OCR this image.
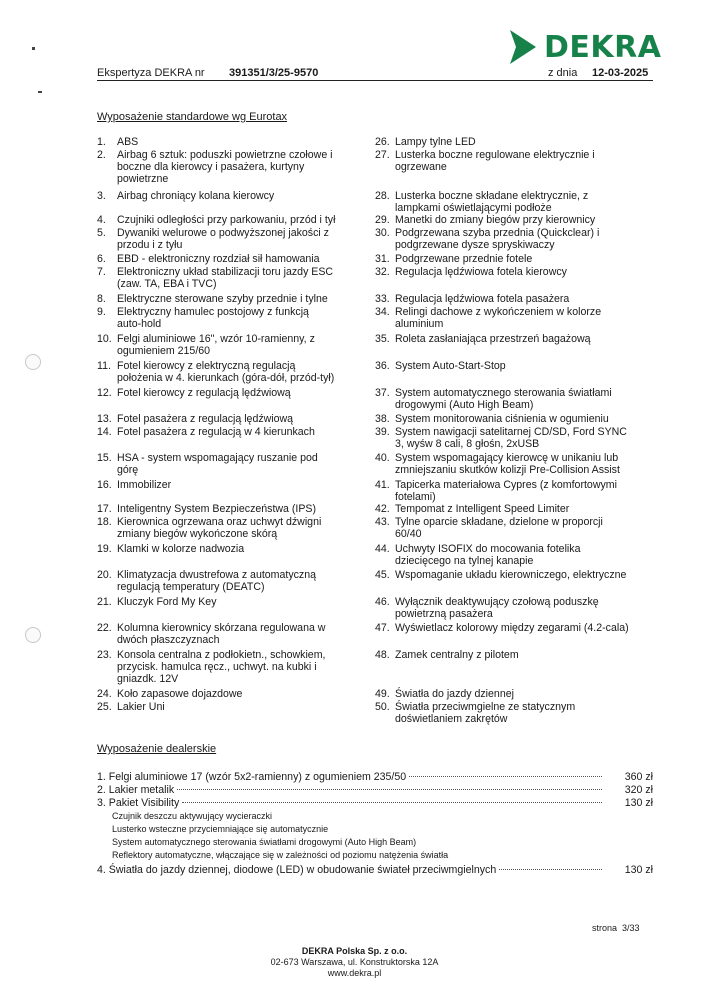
DEKRA
Ekspertyza DEKRA nr 391351/3/25-9570	z dnia 12-03-2025
Wyposażenie standardowe wg Eurotax
1.	ABS
2.	Airbag 6 sztuk: poduszki powietrzne czołowe i
boczne dla kierowcy i pasażera, kurtyny
powietrzne
3.	Airbag chroniący kolana kierowcy
4.	Czujniki odległości przy parkowaniu, przód i tył
5.	Dywaniki welurowe o podwyższonej jakości z
przodu i z tyłu
6.	EBD - elektroniczny rozdział sił hamowania
7.	Elektroniczny układ stabilizacji toru jazdy ESC
(zaw. TA, EBA i TVC)
8.	Elektryczne sterowane szyby przednie i tylne
9.	Elektryczny hamulec postojowy z funkcją
auto-hold
10. Felgi aluminiowe 16", wzór 10-ramienny, z
ogumieniem 215/60
11. Fotel kierowcy z elektryczną regulacją
położenia w 4. kierunkach (góra-dół, przód-tył)
12. Fotel kierowcy z regulacją lędźwiową
13. Fotel pasażera z regulacją lędźwiową
14. Fotel pasażera z regulacją w 4 kierunkach
15. HSA - system wspomagający ruszanie pod
górę
16. Immobilizer
17. Inteligentny System Bezpieczeństwa (IPS)
18. Kierownica ogrzewana oraz uchwyt dźwigni
zmiany biegów wykończone skórą
19. Klamki w kolorze nadwozia
20. Klimatyzacja dwustrefowa z automatyczną
regulacją temperatury (DEATC)
21. Kluczyk Ford My Key
22. Kolumna kierownicy skórzana regulowana w
dwóch płaszczyznach
23. Konsola centralna z podłokietn., schowkiem,
przycisk. hamulca ręcz., uchwyt. na kubki i
gniazdk. 12V
24. Koło zapasowe dojazdowe
25. Lakier Uni
26. Lampy tylne LED
27. Lusterka boczne regulowane elektrycznie i
ogrzewane
28. Lusterka boczne składane elektrycznie, z
lampkami oświetlającymi podłoże
29. Manetki do zmiany biegów przy kierownicy
30. Podgrzewana szyba przednia (Quickclear) i
podgrzewane dysze spryskiwaczy
31. Podgrzewane przednie fotele
32. Regulacja lędźwiowa fotela kierowcy
33. Regulacja lędźwiowa fotela pasażera
34. Relingi dachowe z wykończeniem w kolorze
aluminium
35. Roleta zasłaniająca przestrzeń bagażową
36. System Auto-Start-Stop
37. System automatycznego sterowania światłami
drogowymi (Auto High Beam)
38. System monitorowania ciśnienia w ogumieniu
39. System nawigacji satelitarnej CD/SD, Ford SYNC
3, wyśw 8 cali, 8 głośn, 2xUSB
40. System wspomagający kierowcę w unikaniu lub
zmniejszaniu skutków kolizji Pre-Collision Assist
41. Tapicerka materiałowa Cypres (z komfortowymi
fotelami)
42. Tempomat z Intelligent Speed Limiter
43. Tylne oparcie składane, dzielone w proporcji
60/40
44. Uchwyty ISOFIX do mocowania fotelika
dziecięcego na tylnej kanapie
45. Wspomaganie układu kierowniczego, elektryczne
46. Wyłącznik deaktywujący czołową poduszkę
powietrzną pasażera
47. Wyświetlacz kolorowy między zegarami (4.2-cala)
48. Zamek centralny z pilotem
49. Światła do jazdy dziennej
50. Światła przeciwmgielne ze statycznym
doświetlaniem zakrętów
Wyposażenie dealerskie
1. Felgi aluminiowe 17 (wzór 5x2-ramienny) z ogumieniem 235/50	360 zł
2. Lakier metalik	320 zł
3. Pakiet Visibility	130 zł
Czujnik deszczu aktywujący wycieraczki
Lusterko wsteczne przyciemniające się automatycznie
System automatycznego sterowania światłami drogowymi (Auto High Beam)
Reflektory automatyczne, włączające się w zależności od poziomu natężenia światła
4. Światła do jazdy dziennej, diodowe (LED) w obudowanie świateł przeciwmgielnych	130 zł
strona  3/33
DEKRA Polska Sp. z o.o.
02-673 Warszawa, ul. Konstruktorska 12A
www.dekra.pl
